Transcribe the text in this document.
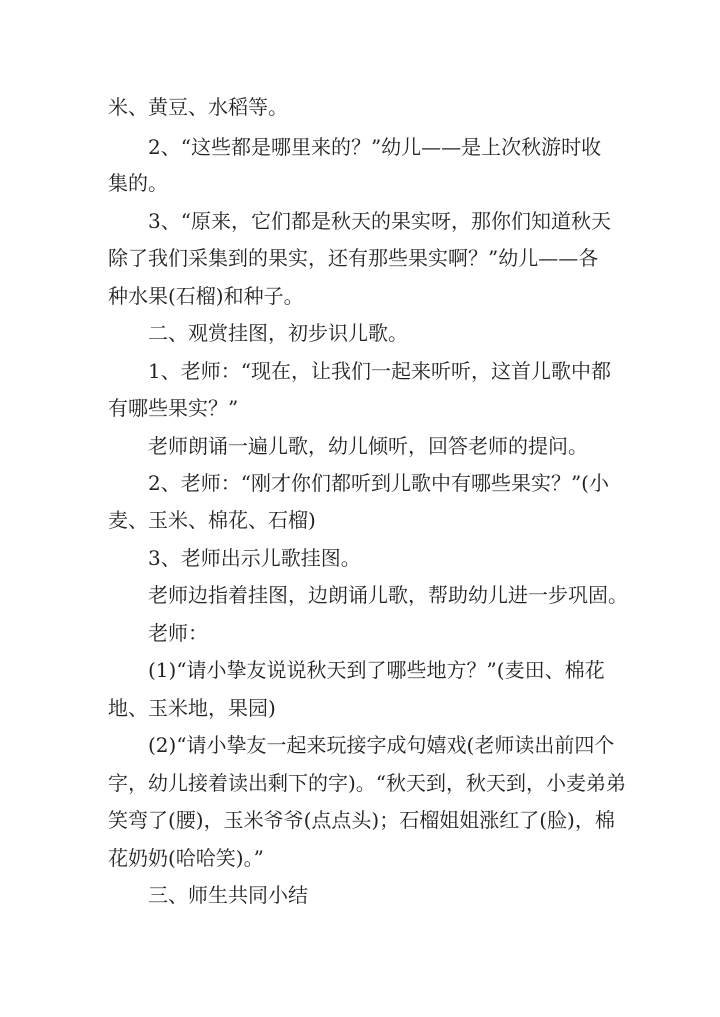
米、黄豆、水稻等。

2、“这些都是哪里来的？”幼儿——是上次秋游时收

集的。

3、“原来，它们都是秋天的果实呀，那你们知道秋天

除了我们采集到的果实，还有那些果实啊？”幼儿——各

种水果(石榴)和种子。

二、观赏挂图，初步识儿歌。

1、老师：“现在，让我们一起来听听，这首儿歌中都

有哪些果实？”

老师朗诵一遍儿歌，幼儿倾听，回答老师的提问。

2、老师：“刚才你们都听到儿歌中有哪些果实？”(小

麦、玉米、棉花、石榴)

3、老师出示儿歌挂图。

老师边指着挂图，边朗诵儿歌，帮助幼儿进一步巩固。

老师：

(1)“请小挚友说说秋天到了哪些地方？”(麦田、棉花

地、玉米地，果园)

(2)“请小挚友一起来玩接字成句嬉戏(老师读出前四个

字，幼儿接着读出剩下的字)。“秋天到，秋天到，小麦弟弟

笑弯了(腰)，玉米爷爷(点点头)；石榴姐姐涨红了(脸)，棉

花奶奶(哈哈笑)。”

三、师生共同小结
